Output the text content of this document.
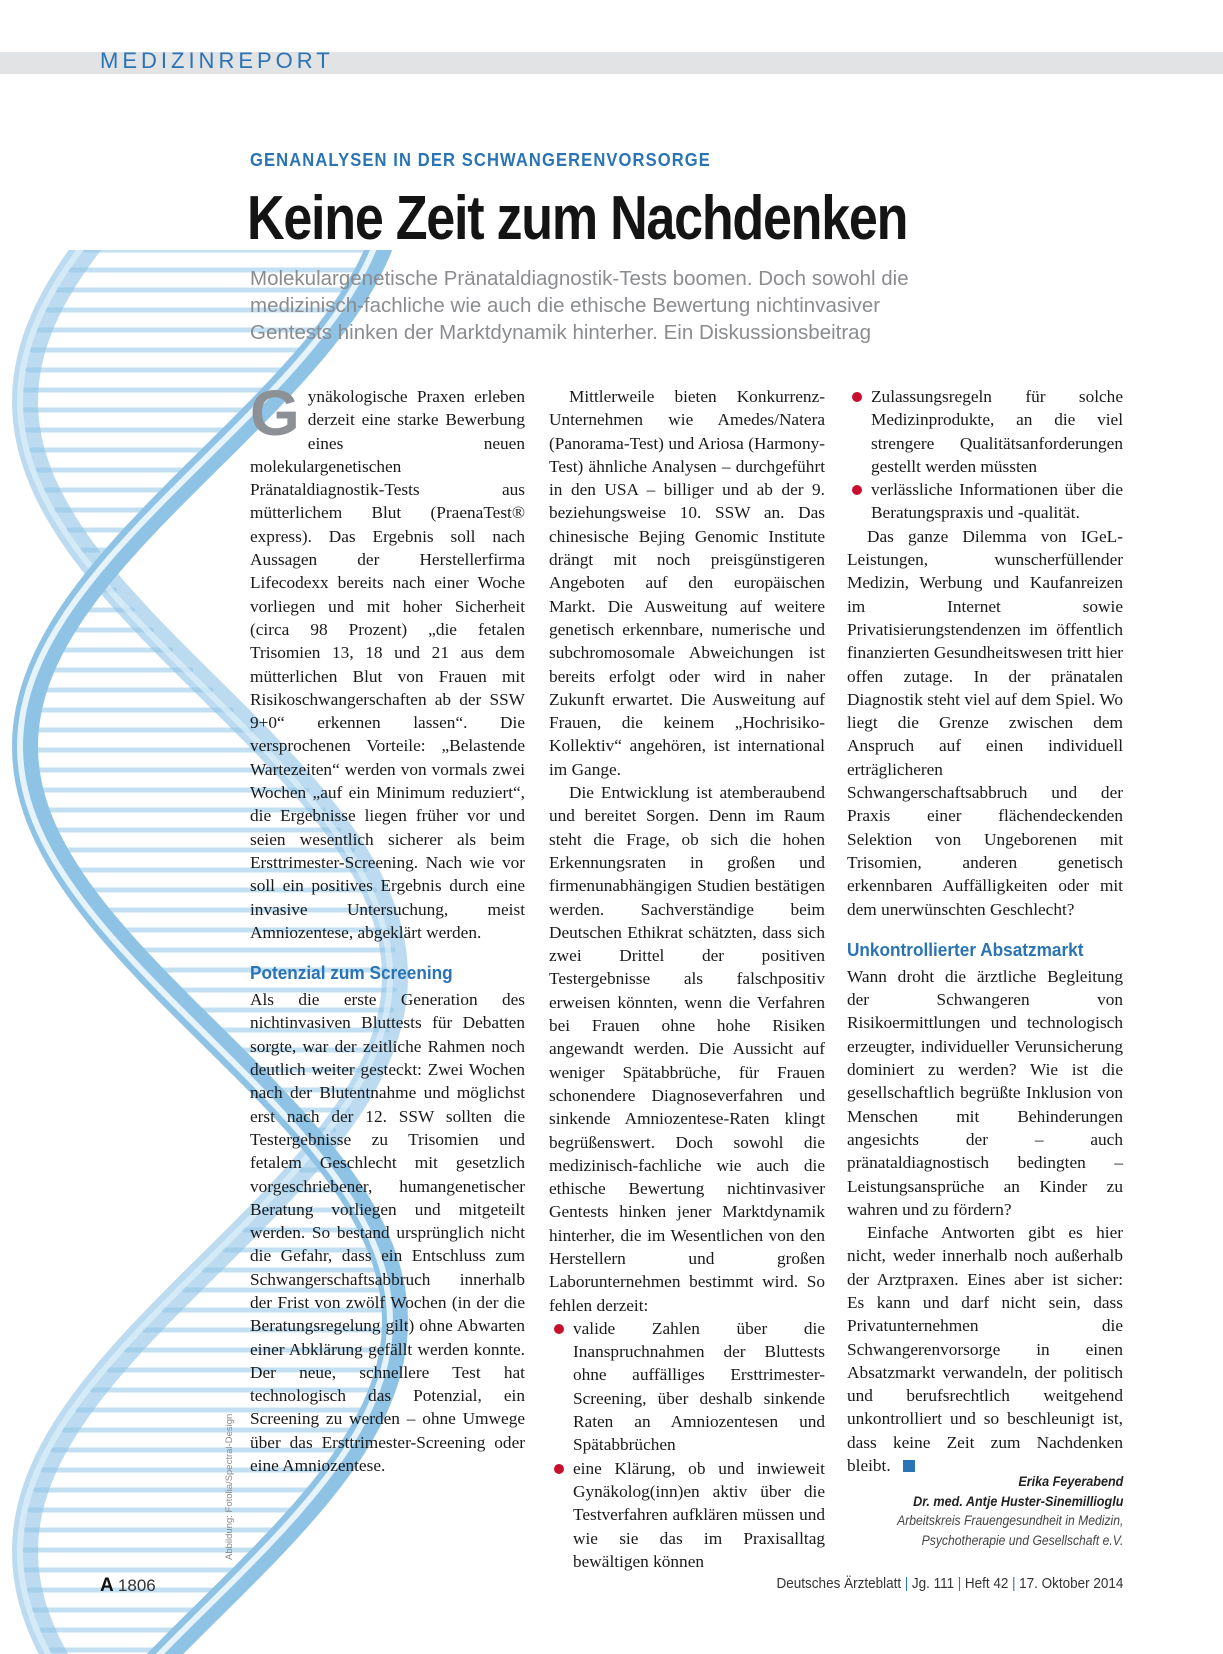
MEDIZINREPORT
GENANALYSEN IN DER SCHWANGERENVORSORGE
Keine Zeit zum Nachdenken
Molekulargenetische Pränataldiagnostik-Tests boomen. Doch sowohl die
medizinisch-fachliche wie auch die ethische Bewertung nichtinvasiver
Gentests hinken der Marktdynamik hinterher. Ein Diskussionsbeitrag

Gynäkologische Praxen erleben derzeit eine starke Bewerbung eines neuen molekulargenetischen Pränataldiagnostik-Tests aus mütterlichem Blut (PraenaTest® express). Das Ergebnis soll nach Aussagen der Herstellerfirma Lifecodexx bereits nach einer Woche vorliegen und mit hoher Sicherheit (circa 98 Prozent) „die fetalen Trisomien 13, 18 und 21 aus dem mütterlichen Blut von Frauen mit Risikoschwangerschaften ab der SSW 9+0“ erkennen lassen“. Die versprochenen Vorteile: „Belastende Wartezeiten“ werden von vormals zwei Wochen „auf ein Minimum reduziert“, die Ergebnisse liegen früher vor und seien wesentlich sicherer als beim Ersttrimester-Screening. Nach wie vor soll ein positives Ergebnis durch eine invasive Untersuchung, meist Amniozentese, abgeklärt werden.

Potenzial zum Screening

Als die erste Generation des nichtinvasiven Bluttests für Debatten sorgte, war der zeitliche Rahmen noch deutlich weiter gesteckt: Zwei Wochen nach der Blutentnahme und möglichst erst nach der 12. SSW sollten die Testergebnisse zu Trisomien und fetalem Geschlecht mit gesetzlich vorgeschriebener, humangenetischer Beratung vorliegen und mitgeteilt werden. So bestand ursprünglich nicht die Gefahr, dass ein Entschluss zum Schwangerschaftsabbruch innerhalb der Frist von zwölf Wochen (in der die Beratungsregelung gilt) ohne Abwarten einer Abklärung gefällt werden konnte. Der neue, schnellere Test hat technologisch das Potenzial, ein Screening zu werden – ohne Umwege über das Ersttrimester-Screening oder eine Amniozentese.

Mittlerweile bieten Konkurrenz-Unternehmen wie Amedes/Natera (Panorama-Test) und Ariosa (Harmony-Test) ähnliche Analysen – durchgeführt in den USA – billiger und ab der 9. beziehungsweise 10. SSW an. Das chinesische Bejing Genomic Institute drängt mit noch preisgünstigeren Angeboten auf den europäischen Markt. Die Ausweitung auf weitere genetisch erkennbare, numerische und subchromosomale Abweichungen ist bereits erfolgt oder wird in naher Zukunft erwartet. Die Ausweitung auf Frauen, die keinem „Hochrisiko-Kollektiv“ angehören, ist international im Gange.

Die Entwicklung ist atemberaubend und bereitet Sorgen. Denn im Raum steht die Frage, ob sich die hohen Erkennungsraten in großen und firmenunabhängigen Studien bestätigen werden. Sachverständige beim Deutschen Ethikrat schätzten, dass sich zwei Drittel der positiven Testergebnisse als falschpositiv erweisen könnten, wenn die Verfahren bei Frauen ohne hohe Risiken angewandt werden. Die Aussicht auf weniger Spätabbrüche, für Frauen schonendere Diagnoseverfahren und sinkende Amniozentese-Raten klingt begrüßenswert. Doch sowohl die medizinisch-fachliche wie auch die ethische Bewertung nichtinvasiver Gentests hinken jener Marktdynamik hinterher, die im Wesentlichen von den Herstellern und großen Laborunternehmen bestimmt wird. So fehlen derzeit:

valide Zahlen über die Inanspruchnahmen der Bluttests ohne auffälliges Ersttrimester-Screening, über deshalb sinkende Raten an Amniozentesen und Spätabbrüchen
eine Klärung, ob und inwieweit Gynäkolog(inn)en aktiv über die Testverfahren aufklären müssen und wie sie das im Praxisalltag bewältigen können
Zulassungsregeln für solche Medizinprodukte, an die viel strengere Qualitätsanforderungen gestellt werden müssten
verlässliche Informationen über die Beratungspraxis und -qualität.

Das ganze Dilemma von IGeL-Leistungen, wunscherfüllender Medizin, Werbung und Kaufanreizen im Internet sowie Privatisierungstendenzen im öffentlich finanzierten Gesundheitswesen tritt hier offen zutage. In der pränatalen Diagnostik steht viel auf dem Spiel. Wo liegt die Grenze zwischen dem Anspruch auf einen individuell erträglicheren Schwangerschaftsabbruch und der Praxis einer flächendeckenden Selektion von Ungeborenen mit Trisomien, anderen genetisch erkennbaren Auffälligkeiten oder mit dem unerwünschten Geschlecht?

Unkontrollierter Absatzmarkt

Wann droht die ärztliche Begleitung der Schwangeren von Risikoermittlungen und technologisch erzeugter, individueller Verunsicherung dominiert zu werden? Wie ist die gesellschaftlich begrüßte Inklusion von Menschen mit Behinderungen angesichts der – auch pränataldiagnostisch bedingten – Leistungsansprüche an Kinder zu wahren und zu fördern?

Einfache Antworten gibt es hier nicht, weder innerhalb noch außerhalb der Arztpraxen. Eines aber ist sicher: Es kann und darf nicht sein, dass Privatunternehmen die Schwangerenvorsorge in einen Absatzmarkt verwandeln, der politisch und berufsrechtlich weitgehend unkontrolliert und so beschleunigt ist, dass keine Zeit zum Nachdenken bleibt.

Erika Feyerabend
Dr. med. Antje Huster-Sinemillioglu
Arbeitskreis Frauengesundheit in Medizin,
Psychotherapie und Gesellschaft e.V.
Abbildung: Fotolia/Spectral-Design
A 1806	Deutsches Ärzteblatt | Jg. 111 | Heft 42 | 17. Oktober 2014
